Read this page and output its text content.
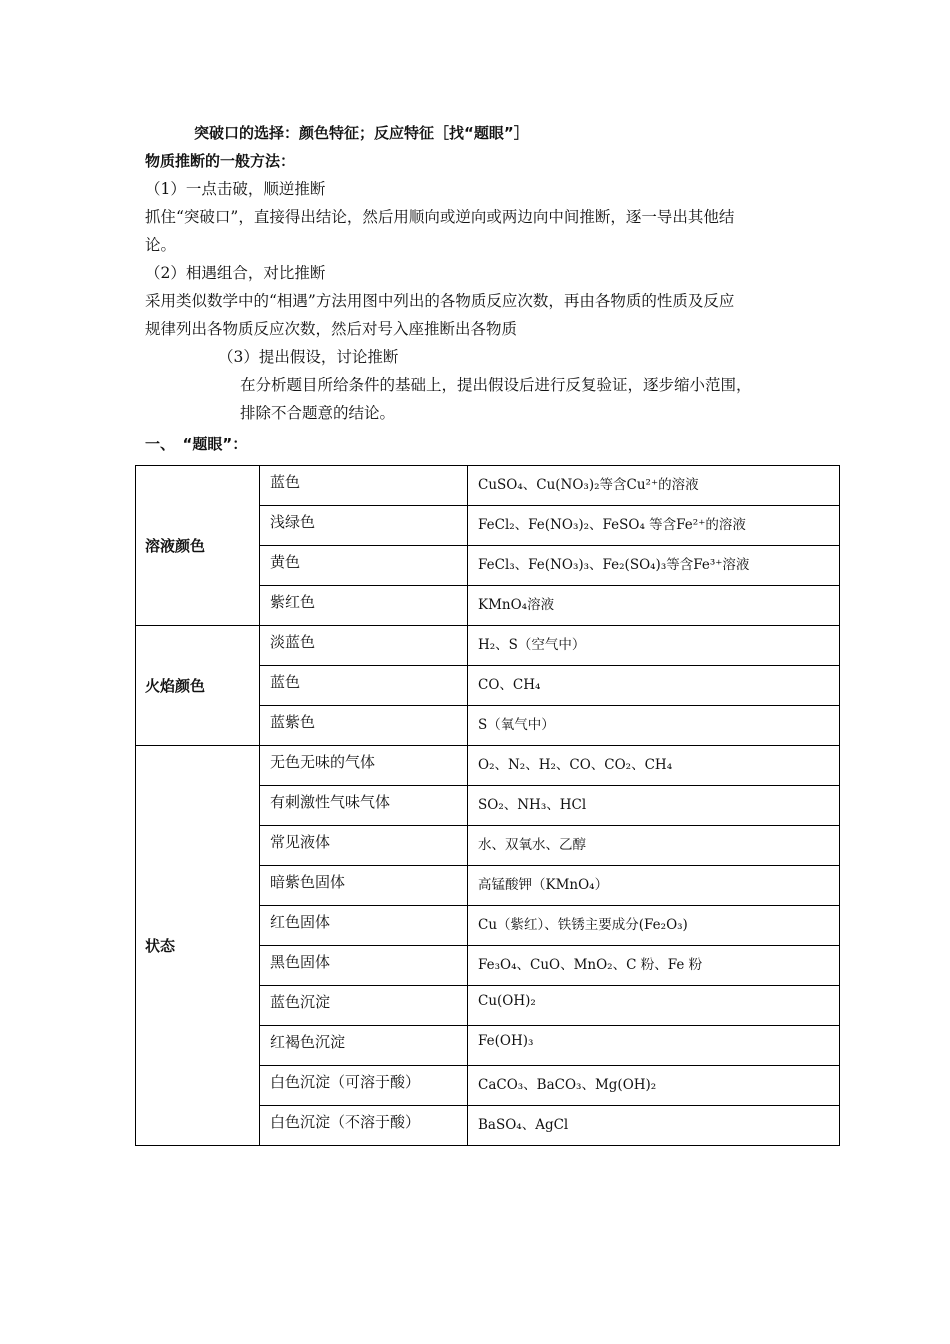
突破口的选择：颜色特征；反应特征［找“题眼”］
物质推断的一般方法：
（1）一点击破，顺逆推断
抓住“突破口”，直接得出结论，然后用顺向或逆向或两边向中间推断，逐一导出其他结
论。
（2）相遇组合，对比推断
采用类似数学中的“相遇”方法用图中列出的各物质反应次数，再由各物质的性质及反应
规律列出各物质反应次数，然后对号入座推断出各物质
（3）提出假设，讨论推断
在分析题目所给条件的基础上，提出假设后进行反复验证，逐步缩小范围，
排除不合题意的结论。
一、　“题眼”：
溶液颜色	蓝色	CuSO₄、Cu(NO₃)₂等含Cu²⁺的溶液
	浅绿色	FeCl₂、Fe(NO₃)₂、FeSO₄ 等含Fe²⁺的溶液
	黄色	FeCl₃、Fe(NO₃)₃、Fe₂(SO₄)₃等含Fe³⁺溶液
	紫红色	KMnO₄溶液
火焰颜色	淡蓝色	H₂、S（空气中）
	蓝色	CO、CH₄
	蓝紫色	S（氧气中）
状态	无色无味的气体	O₂、N₂、H₂、CO、CO₂、CH₄
	有刺激性气味气体	SO₂、NH₃、HCl
	常见液体	水、双氧水、乙醇
	暗紫色固体	高锰酸钾（KMnO₄）
	红色固体	Cu（紫红）、铁锈主要成分(Fe₂O₃)
	黑色固体	Fe₃O₄、CuO、MnO₂、C 粉、Fe 粉
	蓝色沉淀	Cu(OH)₂
	红褐色沉淀	Fe(OH)₃
	白色沉淀（可溶于酸）	CaCO₃、BaCO₃、Mg(OH)₂
	白色沉淀（不溶于酸）	BaSO₄、AgCl
